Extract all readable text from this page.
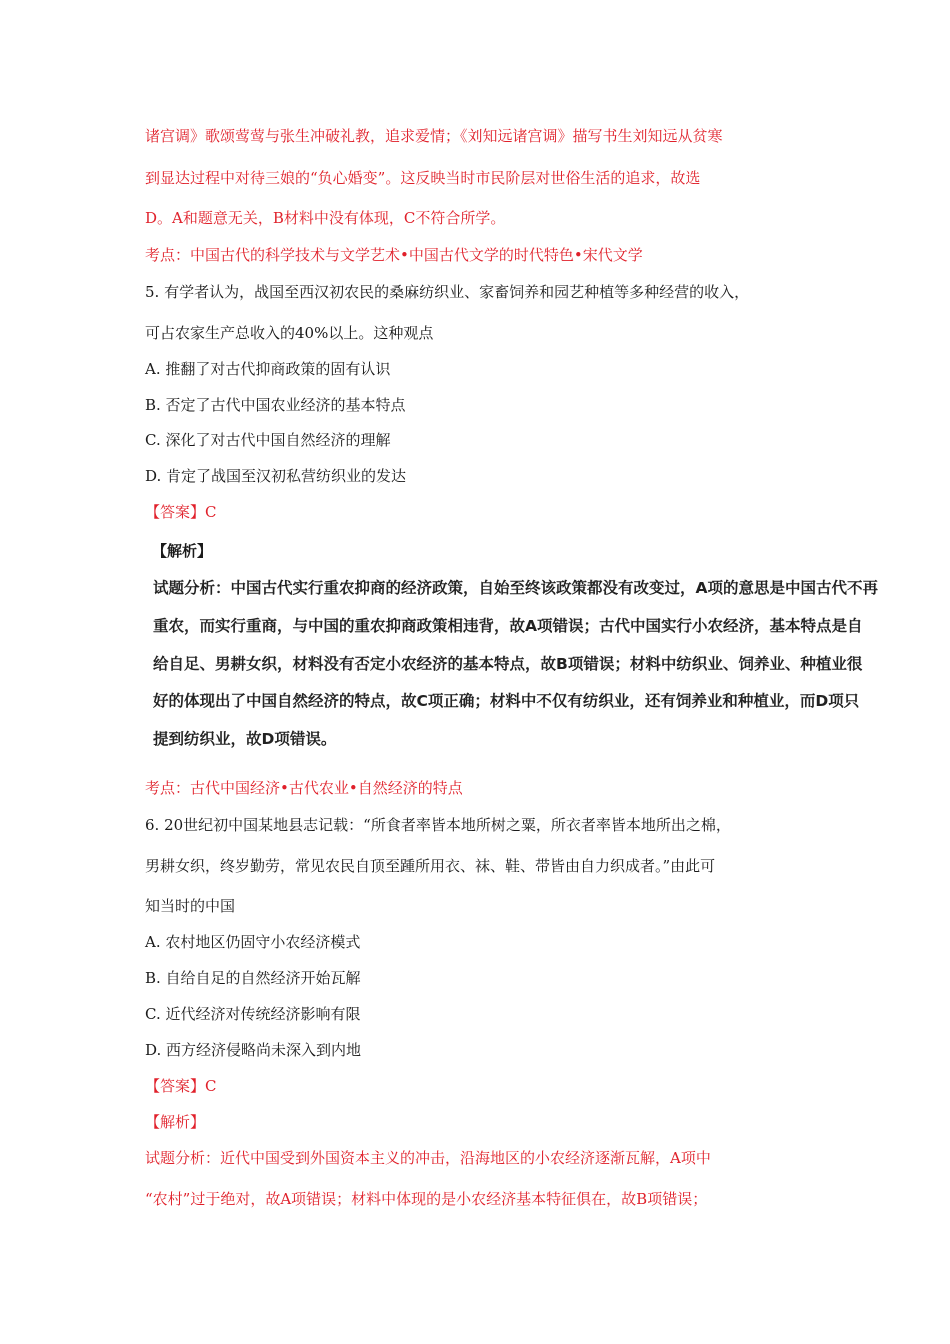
诸宫调》歌颂莺莺与张生冲破礼教，追求爱情；《刘知远诸宫调》描写书生刘知远从贫寒
到显达过程中对待三娘的“负心婚变”。这反映当时市民阶层对世俗生活的追求，故选
D。A和题意无关，B材料中没有体现，C不符合所学。
考点：中国古代的科学技术与文学艺术•中国古代文学的时代特色•宋代文学
5. 有学者认为，战国至西汉初农民的桑麻纺织业、家畜饲养和园艺种植等多种经营的收入，
可占农家生产总收入的40%以上。这种观点
A. 推翻了对古代抑商政策的固有认识
B. 否定了古代中国农业经济的基本特点
C. 深化了对古代中国自然经济的理解
D. 肯定了战国至汉初私营纺织业的发达
【答案】C
【解析】
试题分析：中国古代实行重农抑商的经济政策，自始至终该政策都没有改变过，A项的意思是中国古代不再
重农，而实行重商，与中国的重农抑商政策相违背，故A项错误；古代中国实行小农经济，基本特点是自
给自足、男耕女织，材料没有否定小农经济的基本特点，故B项错误；材料中纺织业、饲养业、种植业很
好的体现出了中国自然经济的特点，故C项正确；材料中不仅有纺织业，还有饲养业和种植业，而D项只
提到纺织业，故D项错误。
考点：古代中国经济•古代农业•自然经济的特点
6. 20世纪初中国某地县志记载：“所食者率皆本地所树之粟，所衣者率皆本地所出之棉，
男耕女织，终岁勤劳，常见农民自顶至踵所用衣、袜、鞋、带皆由自力织成者。”由此可
知当时的中国
A. 农村地区仍固守小农经济模式
B. 自给自足的自然经济开始瓦解
C. 近代经济对传统经济影响有限
D. 西方经济侵略尚未深入到内地
【答案】C
【解析】
试题分析：近代中国受到外国资本主义的冲击，沿海地区的小农经济逐渐瓦解，A项中
“农村”过于绝对，故A项错误；材料中体现的是小农经济基本特征俱在，故B项错误；
